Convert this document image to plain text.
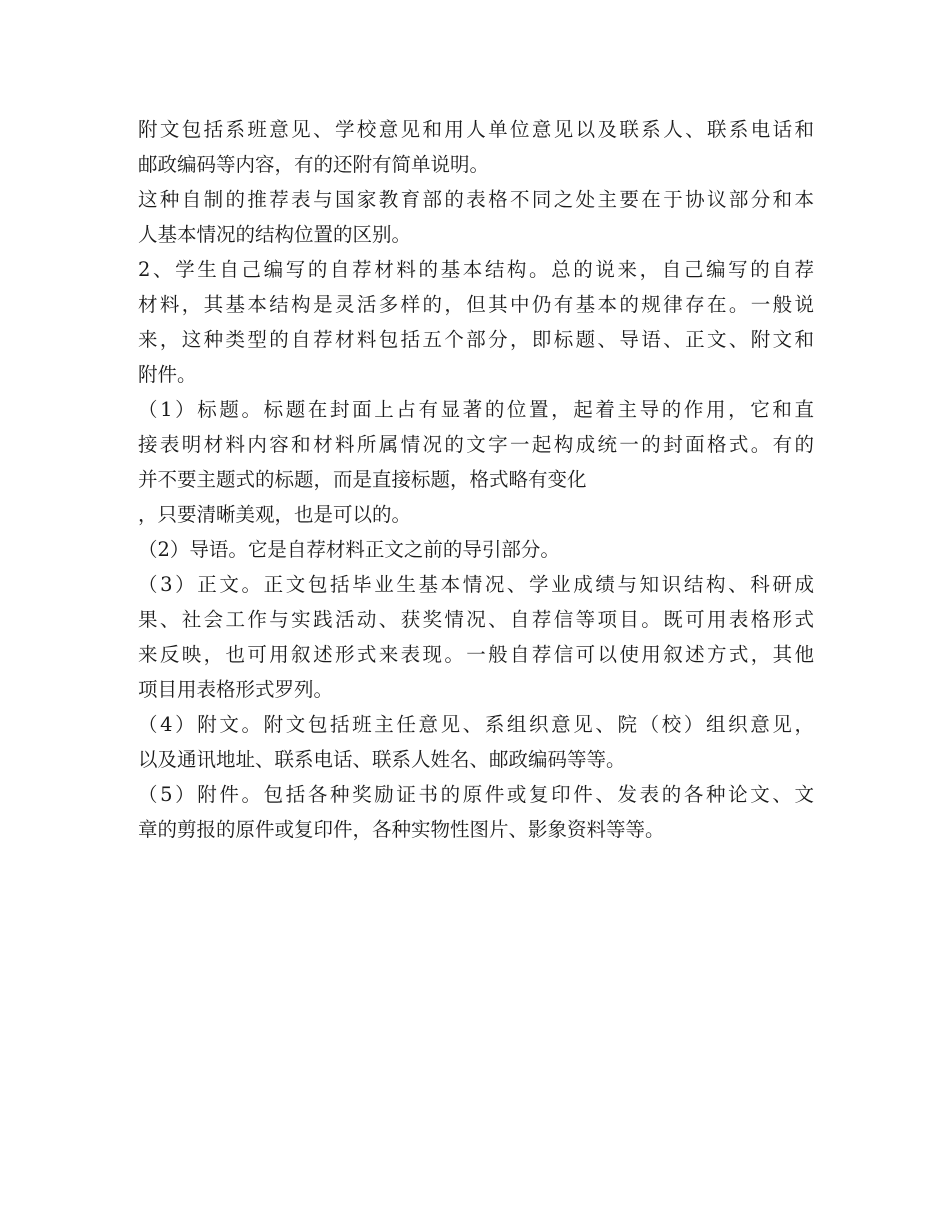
附文包括系班意见、学校意见和用人单位意见以及联系人、联系电话和
邮政编码等内容，有的还附有简单说明。
这种自制的推荐表与国家教育部的表格不同之处主要在于协议部分和本
人基本情况的结构位置的区别。
2、学生自己编写的自荐材料的基本结构。总的说来，自己编写的自荐
材料，其基本结构是灵活多样的，但其中仍有基本的规律存在。一般说
来，这种类型的自荐材料包括五个部分，即标题、导语、正文、附文和
附件。
（1）标题。标题在封面上占有显著的位置，起着主导的作用，它和直
接表明材料内容和材料所属情况的文字一起构成统一的封面格式。有的
并不要主题式的标题，而是直接标题，格式略有变化
，只要清晰美观，也是可以的。
（2）导语。它是自荐材料正文之前的导引部分。
（3）正文。正文包括毕业生基本情况、学业成绩与知识结构、科研成
果、社会工作与实践活动、获奖情况、自荐信等项目。既可用表格形式
来反映，也可用叙述形式来表现。一般自荐信可以使用叙述方式，其他
项目用表格形式罗列。
（4）附文。附文包括班主任意见、系组织意见、院（校）组织意见，
以及通讯地址、联系电话、联系人姓名、邮政编码等等。
（5）附件。包括各种奖励证书的原件或复印件、发表的各种论文、文
章的剪报的原件或复印件，各种实物性图片、影象资料等等。
